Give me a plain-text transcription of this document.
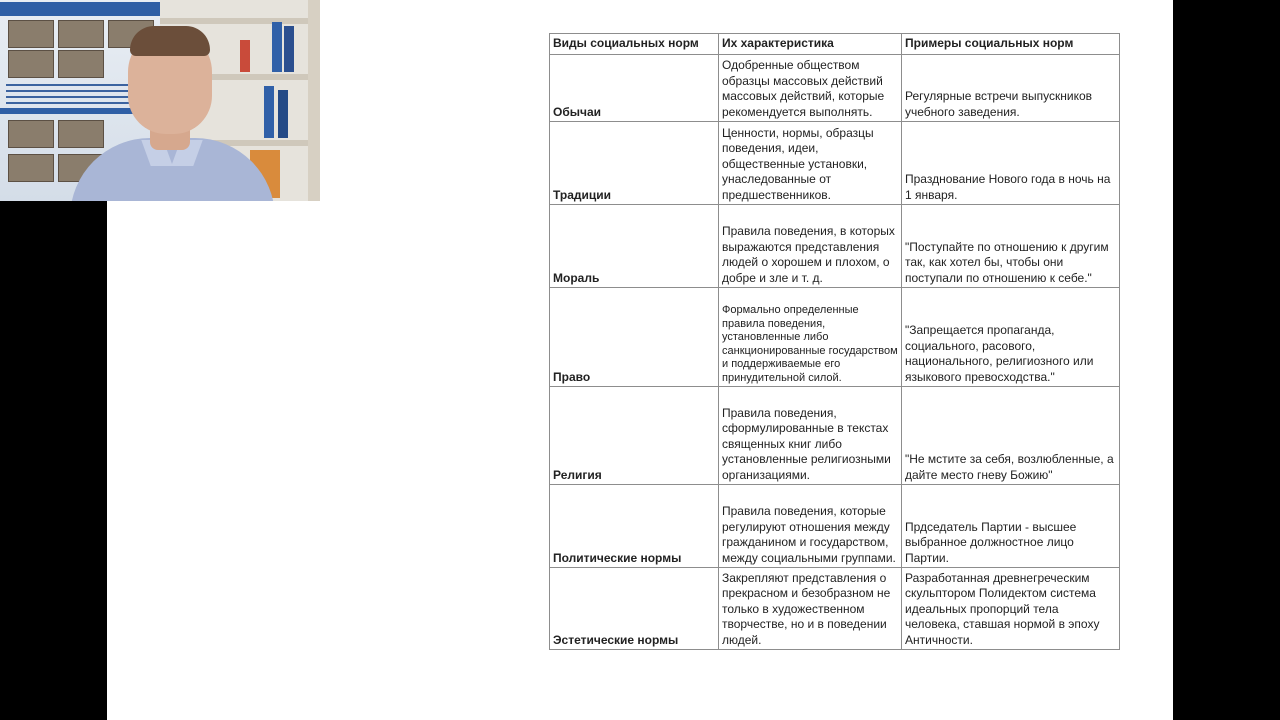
Виды социальных норм	Их характеристика	Примеры социальных норм
Обычаи	Одобренные обществом образцы массовых действий массовых действий, которые рекомендуется выполнять.	Регулярные встречи выпускников учебного заведения.
Традиции	Ценности, нормы, образцы поведения, идеи, общественные установки, унаследованные от предшественников.	Празднование Нового года в ночь на 1 января.
Мораль	Правила поведения, в которых выражаются представления людей о хорошем и плохом, о добре и зле и т. д.	"Поступайте по отношению к другим так, как хотел бы, чтобы они поступали по отношению к себе."
Право	Формально определенные правила поведения, установленные либо санкционированные государством и поддерживаемые его принудительной силой.	"Запрещается пропаганда, социального, расового, национального, религиозного или языкового превосходства."
Религия	Правила поведения, сформулированные в текстах священных книг либо установленные религиозными организациями.	"Не мстите за себя, возлюбленные, а дайте место гневу Божию"
Политические нормы	Правила поведения, которые регулируют отношения между гражданином и государством, между социальными группами.	Прдседатель Партии - высшее выбранное должностное лицо Партии.
Эстетические нормы	Закрепляют представления о прекрасном и безобразном не только в художественном творчестве, но и в поведении людей.	Разработанная древнегреческим скульптором Полидектом система идеальных пропорций тела человека, ставшая нормой в эпоху Античности.
